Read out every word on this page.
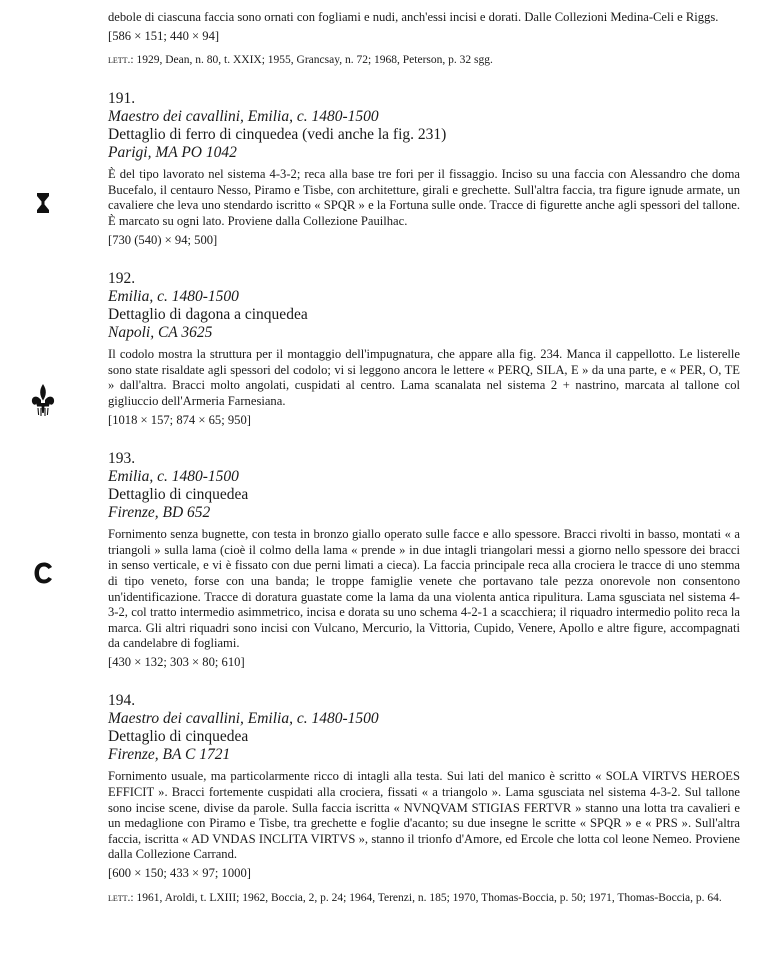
debole di ciascuna faccia sono ornati con fogliami e nudi, anch'essi incisi e dorati. Dalle Collezioni Medina-Celi e Riggs.

[586 × 151; 440 × 94]

lett.: 1929, Dean, n. 80, t. XXIX; 1955, Grancsay, n. 72; 1968, Peterson, p. 32 sgg.

191.
Maestro dei cavallini, Emilia, c. 1480-1500
Dettaglio di ferro di cinquedea (vedi anche la fig. 231)
Parigi, MA PO 1042

È del tipo lavorato nel sistema 4-3-2; reca alla base tre fori per il fissaggio. Inciso su una faccia con Alessandro che doma Bucefalo, il centauro Nesso, Piramo e Tisbe, con architetture, girali e grechette. Sull'altra faccia, tra figure ignude armate, un cavaliere che leva uno stendardo iscritto « SPQR » e la Fortuna sulle onde. Tracce di figurette anche agli spessori del tallone. È marcato su ogni lato. Proviene dalla Collezione Pauilhac.

[730 (540) × 94; 500]

192.
Emilia, c. 1480-1500
Dettaglio di dagona a cinquedea
Napoli, CA 3625

Il codolo mostra la struttura per il montaggio dell'impugnatura, che appare alla fig. 234. Manca il cappellotto. Le listerelle sono state risaldate agli spessori del codolo; vi si leggono ancora le lettere « PERQ, SILA, E » da una parte, e « PER, O, TE » dall'altra. Bracci molto angolati, cuspidati al centro. Lama scanalata nel sistema 2 + nastrino, marcata al tallone col gigliuccio dell'Armeria Farnesiana.

[1018 × 157; 874 × 65; 950]

193.
Emilia, c. 1480-1500
Dettaglio di cinquedea
Firenze, BD 652

Fornimento senza bugnette, con testa in bronzo giallo operato sulle facce e allo spessore. Bracci rivolti in basso, montati « a triangoli » sulla lama (cioè il colmo della lama « prende » in due intagli triangolari messi a giorno nello spessore dei bracci in senso verticale, e vi è fissato con due perni limati a cieca). La faccia principale reca alla crociera le tracce di uno stemma di tipo veneto, forse con una banda; le troppe famiglie venete che portavano tale pezza onorevole non consentono un'identificazione. Tracce di doratura guastate come la lama da una violenta antica ripulitura. Lama sgusciata nel sistema 4-3-2, col tratto intermedio asimmetrico, incisa e dorata su uno schema 4-2-1 a scacchiera; il riquadro intermedio polito reca la marca. Gli altri riquadri sono incisi con Vulcano, Mercurio, la Vittoria, Cupido, Venere, Apollo e altre figure, accompagnati da candelabre di fogliami.

[430 × 132; 303 × 80; 610]

194.
Maestro dei cavallini, Emilia, c. 1480-1500
Dettaglio di cinquedea
Firenze, BA C 1721

Fornimento usuale, ma particolarmente ricco di intagli alla testa. Sui lati del manico è scritto « SOLA VIRTVS HEROES EFFICIT ». Bracci fortemente cuspidati alla crociera, fissati « a triangolo ». Lama sgusciata nel sistema 4-3-2. Sul tallone sono incise scene, divise da parole. Sulla faccia iscritta « NVNQVAM STIGIAS FERTVR » stanno una lotta tra cavalieri e un medaglione con Piramo e Tisbe, tra grechette e foglie d'acanto; su due insegne le scritte « SPQR » e « PRS ». Sull'altra faccia, iscritta « AD VNDAS INCLITA VIRTVS », stanno il trionfo d'Amore, ed Ercole che lotta col leone Nemeo. Proviene dalla Collezione Carrand.

[600 × 150; 433 × 97; 1000]

lett.: 1961, Aroldi, t. LXIII; 1962, Boccia, 2, p. 24; 1964, Terenzi, n. 185; 1970, Thomas-Boccia, p. 50; 1971, Thomas-Boccia, p. 64.
